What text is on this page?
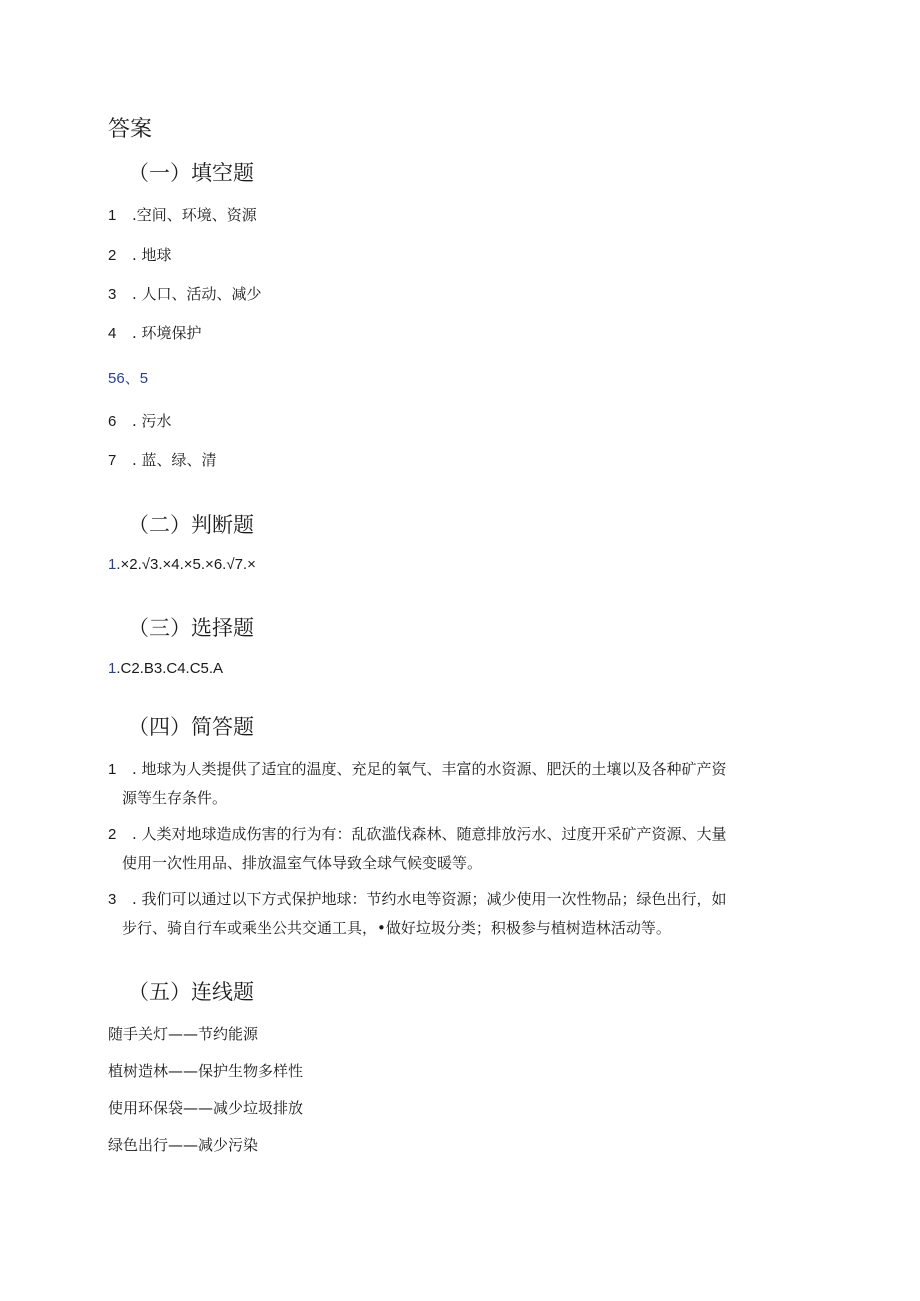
答案
（一）填空题
1 .空间、环境、资源
2 . 地球
3 . 人口、活动、减少
4 . 环境保护
56、5
6 . 污水
7 . 蓝、绿、清
（二）判断题
1.×2.√3.×4.×5.×6.√7.×
（三）选择题
1.C2.B3.C4.C5.A
（四）简答题
1 . 地球为人类提供了适宜的温度、充足的氧气、丰富的水资源、肥沃的土壤以及各种矿产资
源等生存条件。
2 . 人类对地球造成伤害的行为有：乱砍滥伐森林、随意排放污水、过度开采矿产资源、大量
使用一次性用品、排放温室气体导致全球气候变暖等。
3 . 我们可以通过以下方式保护地球：节约水电等资源；减少使用一次性物品；绿色出行，如
步行、骑自行车或乘坐公共交通工具，•做好垃圾分类；积极参与植树造林活动等。
（五）连线题
随手关灯——节约能源
植树造林——保护生物多样性
使用环保袋——减少垃圾排放
绿色出行——减少污染
